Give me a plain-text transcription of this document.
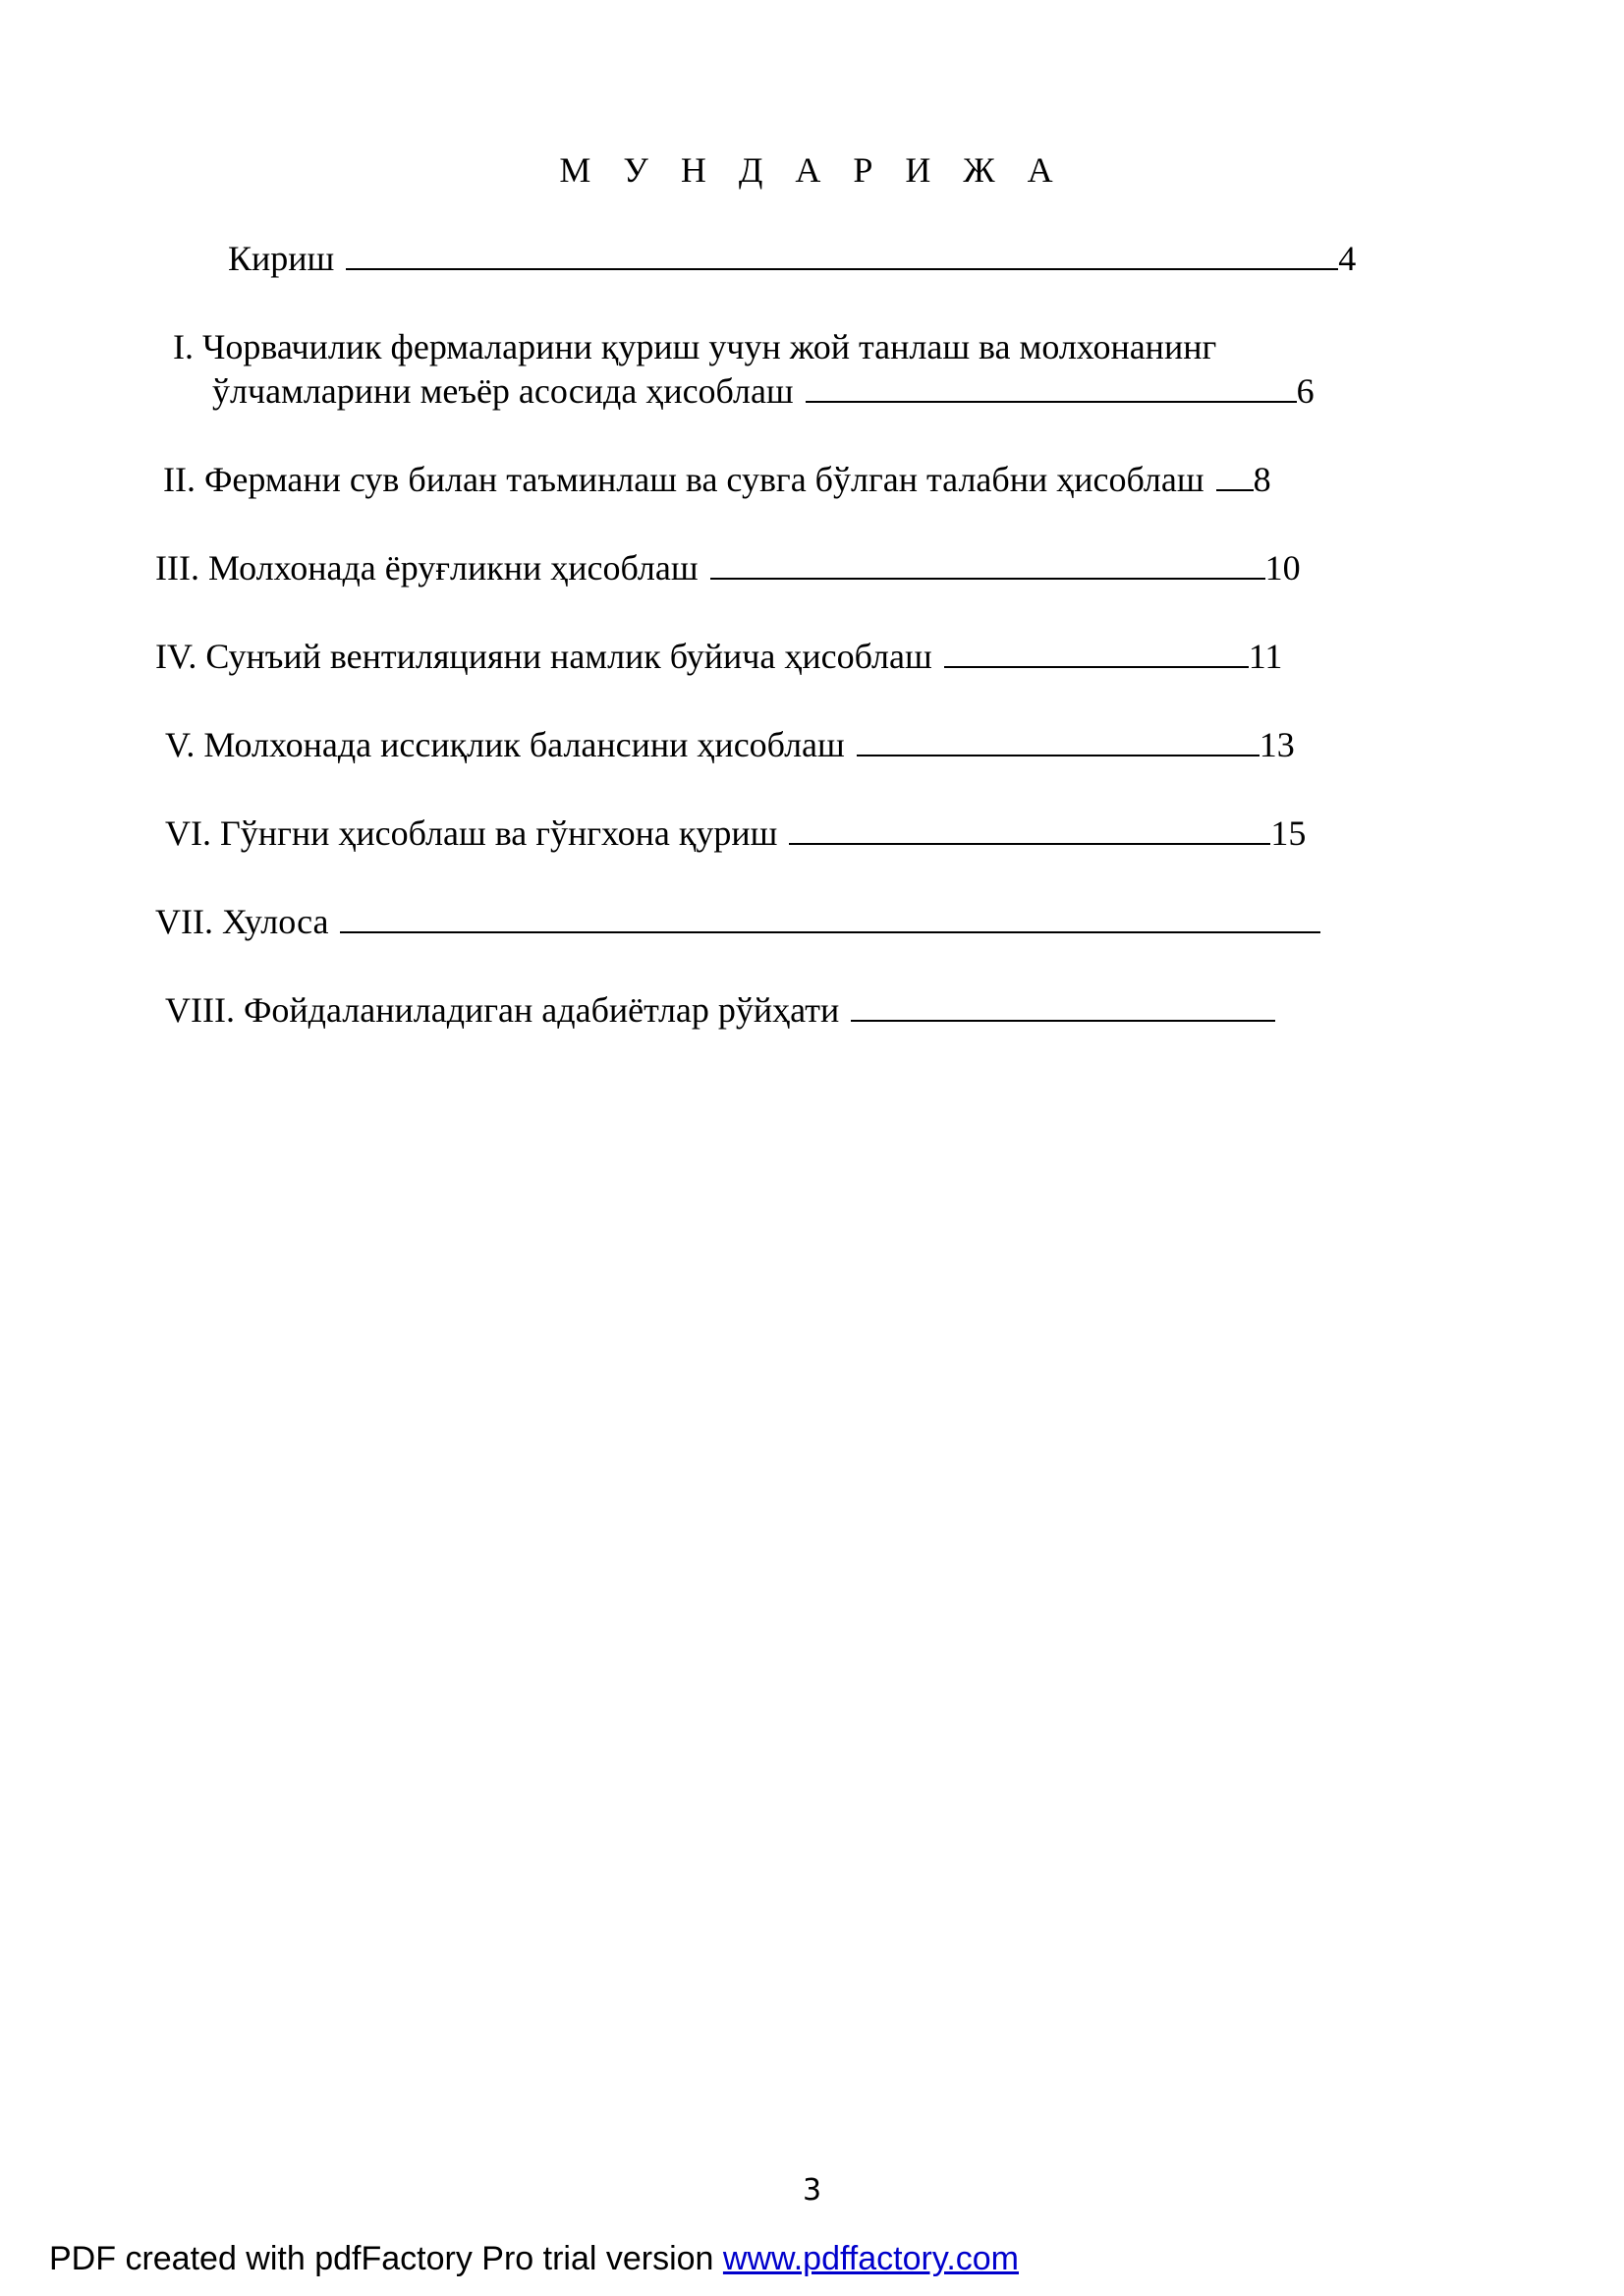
М У Н Д А Р И Ж А
Кириш	4
I. Чорвачилик фермаларини қуриш учун жой танлаш ва молхонанинг
ўлчамларини меъёр асосида ҳисоблаш	6
II. Фермани сув билан таъминлаш ва сувга бўлган талабни ҳисоблаш 8
III. Молхонада ёруғликни ҳисоблаш	10
IV. Сунъий вентиляцияни намлик буйича ҳисоблаш	11
V. Молхонада иссиқлик балансини ҳисоблаш	13
VI. Гўнгни ҳисоблаш ва гўнгхона қуриш	15
VII. Хулоса
VIII. Фойдаланиладиган адабиётлар рўйҳати
3
PDF created with pdfFactory Pro trial version www.pdffactory.com
